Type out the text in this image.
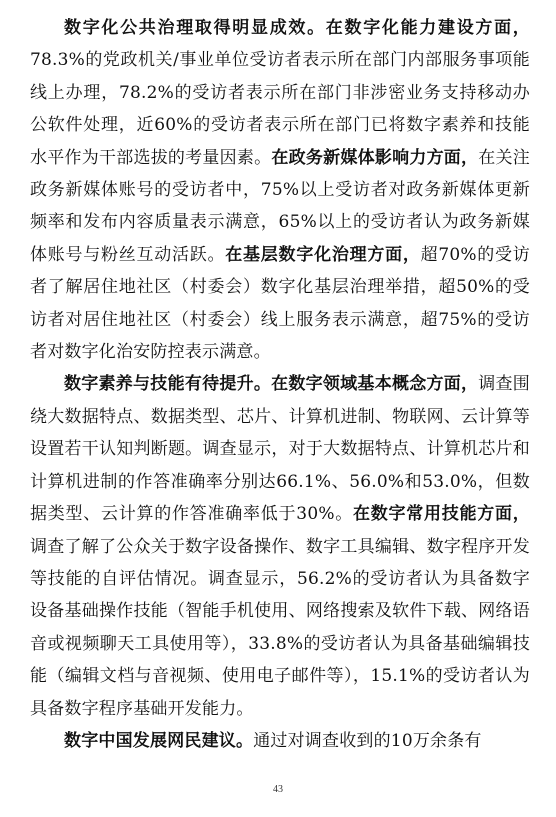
数字化公共治理取得明显成效。在数字化能力建设方面，78.3%的党政机关/事业单位受访者表示所在部门内部服务事项能线上办理，78.2%的受访者表示所在部门非涉密业务支持移动办公软件处理，近60%的受访者表示所在部门已将数字素养和技能水平作为干部选拔的考量因素。在政务新媒体影响力方面，在关注政务新媒体账号的受访者中，75%以上受访者对政务新媒体更新频率和发布内容质量表示满意，65%以上的受访者认为政务新媒体账号与粉丝互动活跃。在基层数字化治理方面，超70%的受访者了解居住地社区（村委会）数字化基层治理举措，超50%的受访者对居住地社区（村委会）线上服务表示满意，超75%的受访者对数字化治安防控表示满意。

数字素养与技能有待提升。在数字领域基本概念方面，调查围绕大数据特点、数据类型、芯片、计算机进制、物联网、云计算等设置若干认知判断题。调查显示，对于大数据特点、计算机芯片和计算机进制的作答准确率分别达66.1%、56.0%和53.0%，但数据类型、云计算的作答准确率低于30%。在数字常用技能方面，调查了解了公众关于数字设备操作、数字工具编辑、数字程序开发等技能的自评估情况。调查显示，56.2%的受访者认为具备数字设备基础操作技能（智能手机使用、网络搜索及软件下载、网络语音或视频聊天工具使用等），33.8%的受访者认为具备基础编辑技能（编辑文档与音视频、使用电子邮件等），15.1%的受访者认为具备数字程序基础开发能力。

数字中国发展网民建议。通过对调查收到的10万余条有

43
